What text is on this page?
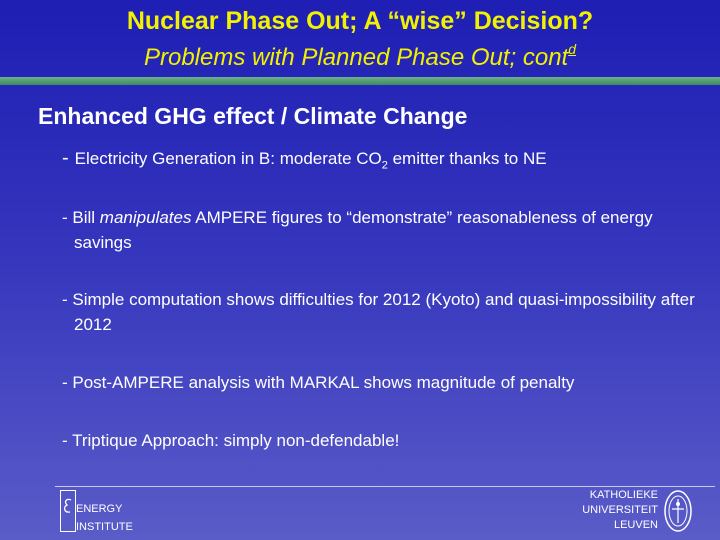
Nuclear Phase Out; A “wise” Decision?

Problems with Planned Phase Out; cont$^d$

Enhanced GHG effect / Climate Change

- Electricity Generation in B: moderate $CO_2$ emitter thanks to NE

- Bill manipulates AMPERE figures to “demonstrate” reasonableness of energy savings

- Simple computation shows difficulties for 2012 (Kyoto) and quasi-impossibility after 2012

- Post-AMPERE analysis with MARKAL shows magnitude of penalty

- Triptique Approach: simply non-defendable!

ENERGY
INSTITUTE

KATHOLIEKE
UNIVERSITEIT
LEUVEN
